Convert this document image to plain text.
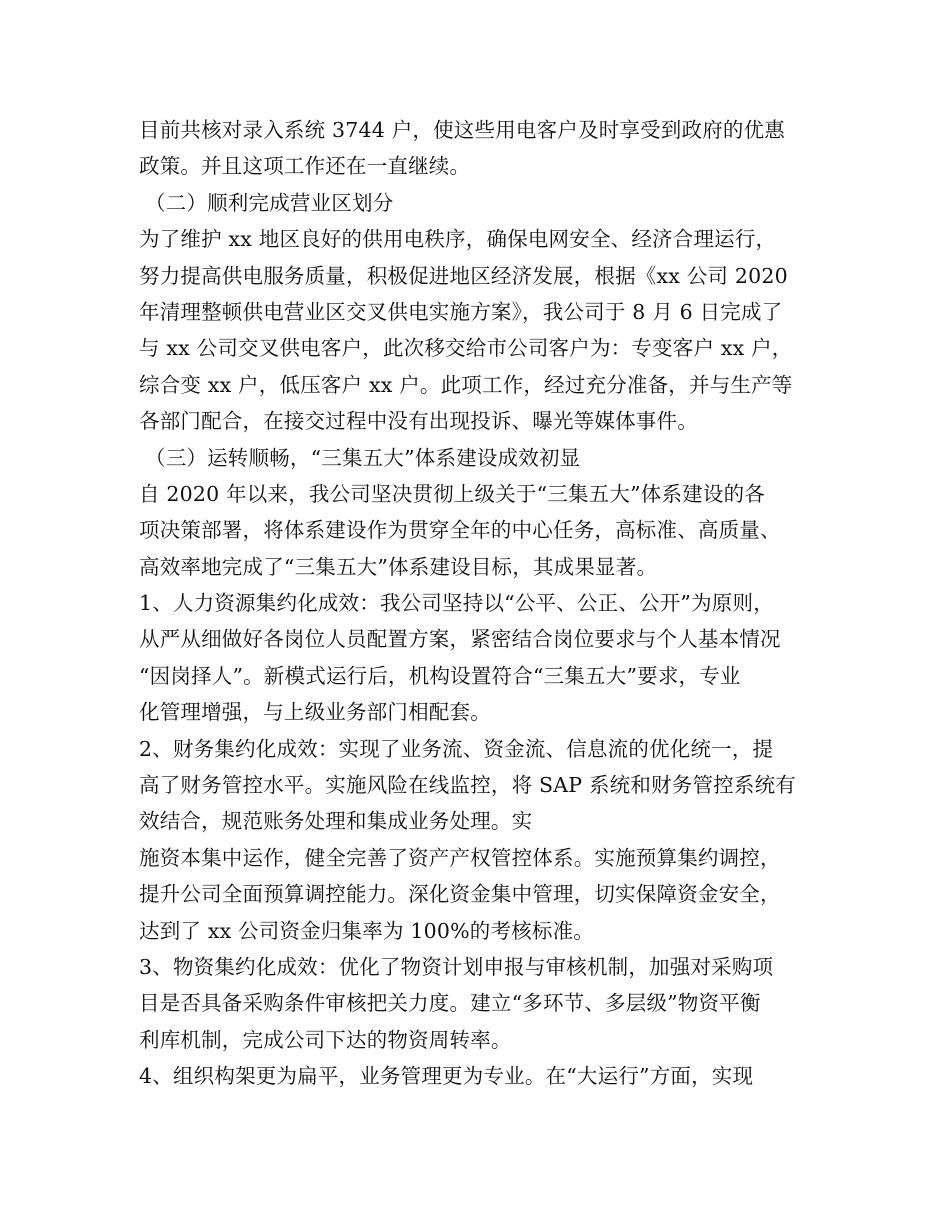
目前共核对录入系统 3744 户，使这些用电客户及时享受到政府的优惠
政策。并且这项工作还在一直继续。
（二）顺利完成营业区划分
为了维护 xx 地区良好的供用电秩序，确保电网安全、经济合理运行，
努力提高供电服务质量，积极促进地区经济发展，根据《xx 公司 2020
年清理整顿供电营业区交叉供电实施方案》，我公司于 8 月 6 日完成了
与 xx 公司交叉供电客户，此次移交给市公司客户为：专变客户 xx 户，
综合变 xx 户，低压客户 xx 户。此项工作，经过充分准备，并与生产等
各部门配合，在接交过程中没有出现投诉、曝光等媒体事件。
（三）运转顺畅，“三集五大”体系建设成效初显
自 2020 年以来，我公司坚决贯彻上级关于“三集五大”体系建设的各
项决策部署，将体系建设作为贯穿全年的中心任务，高标准、高质量、
高效率地完成了“三集五大”体系建设目标，其成果显著。
1、人力资源集约化成效：我公司坚持以“公平、公正、公开”为原则，
从严从细做好各岗位人员配置方案，紧密结合岗位要求与个人基本情况
“因岗择人”。新模式运行后，机构设置符合“三集五大”要求，专业
化管理增强，与上级业务部门相配套。
2、财务集约化成效：实现了业务流、资金流、信息流的优化统一，提
高了财务管控水平。实施风险在线监控，将 SAP 系统和财务管控系统有
效结合，规范账务处理和集成业务处理。实
施资本集中运作，健全完善了资产产权管控体系。实施预算集约调控，
提升公司全面预算调控能力。深化资金集中管理，切实保障资金安全，
达到了 xx 公司资金归集率为 100%的考核标准。
3、物资集约化成效：优化了物资计划申报与审核机制，加强对采购项
目是否具备采购条件审核把关力度。建立“多环节、多层级”物资平衡
利库机制，完成公司下达的物资周转率。
4、组织构架更为扁平，业务管理更为专业。在“大运行”方面，实现
